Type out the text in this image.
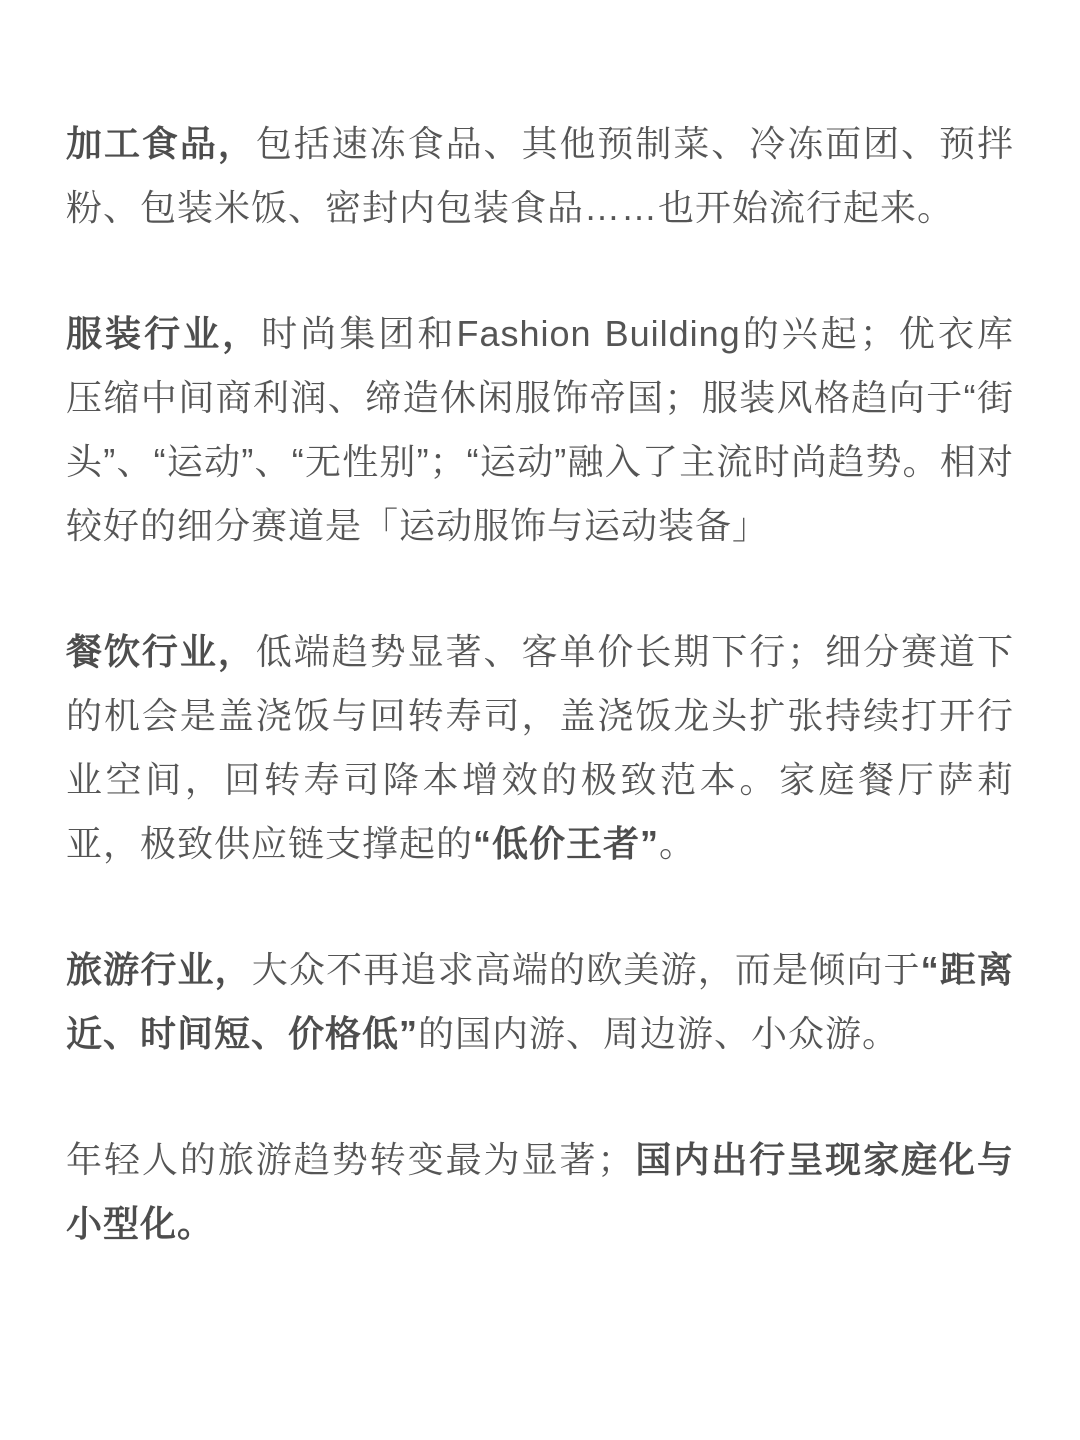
加工食品，包括速冻食品、其他预制菜、冷冻面团、预拌粉、包装米饭、密封内包装食品……也开始流行起来。

服装行业，时尚集团和Fashion Building的兴起；优衣库压缩中间商利润、缔造休闲服饰帝国；服装风格趋向于“街头”、“运动”、“无性别”；“运动”融入了主流时尚趋势。相对较好的细分赛道是「运动服饰与运动装备」

餐饮行业，低端趋势显著、客单价长期下行；细分赛道下的机会是盖浇饭与回转寿司，盖浇饭龙头扩张持续打开行业空间，回转寿司降本增效的极致范本。家庭餐厅萨莉亚，极致供应链支撑起的“低价王者”。

旅游行业，大众不再追求高端的欧美游，而是倾向于“距离近、时间短、价格低”的国内游、周边游、小众游。

年轻人的旅游趋势转变最为显著；国内出行呈现家庭化与小型化。
